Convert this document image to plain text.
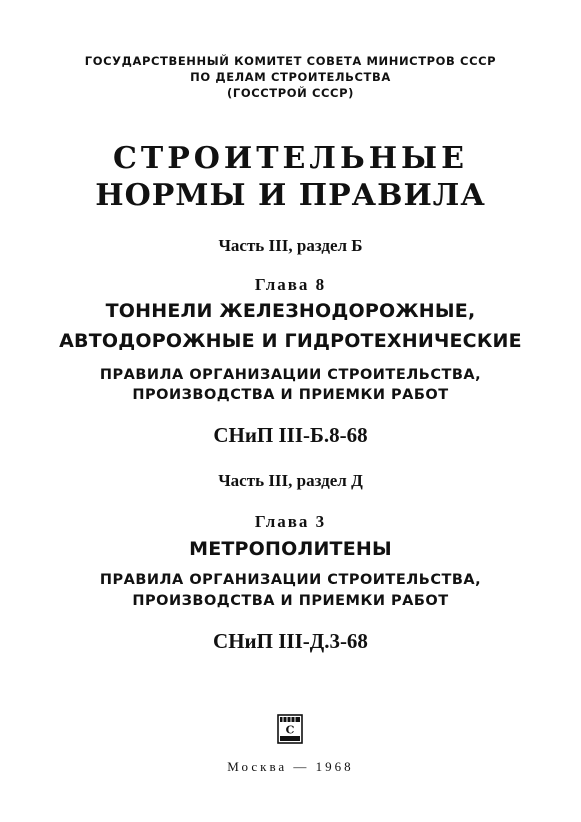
ГОСУДАРСТВЕННЫЙ КОМИТЕТ СОВЕТА МИНИСТРОВ СССР
ПО ДЕЛАМ СТРОИТЕЛЬСТВА
(ГОССТРОЙ СССР)
СТРОИТЕЛЬНЫЕ
НОРМЫ И ПРАВИЛА
Часть III, раздел Б
Глава 8
ТОННЕЛИ ЖЕЛЕЗНОДОРОЖНЫЕ,
АВТОДОРОЖНЫЕ И ГИДРОТЕХНИЧЕСКИЕ
ПРАВИЛА ОРГАНИЗАЦИИ СТРОИТЕЛЬСТВА,
ПРОИЗВОДСТВА И ПРИЕМКИ РАБОТ
СНиП III-Б.8-68
Часть III, раздел Д
Глава 3
МЕТРОПОЛИТЕНЫ
ПРАВИЛА ОРГАНИЗАЦИИ СТРОИТЕЛЬСТВА,
ПРОИЗВОДСТВА И ПРИЕМКИ РАБОТ
СНиП III-Д.3-68
С
Москва — 1968
